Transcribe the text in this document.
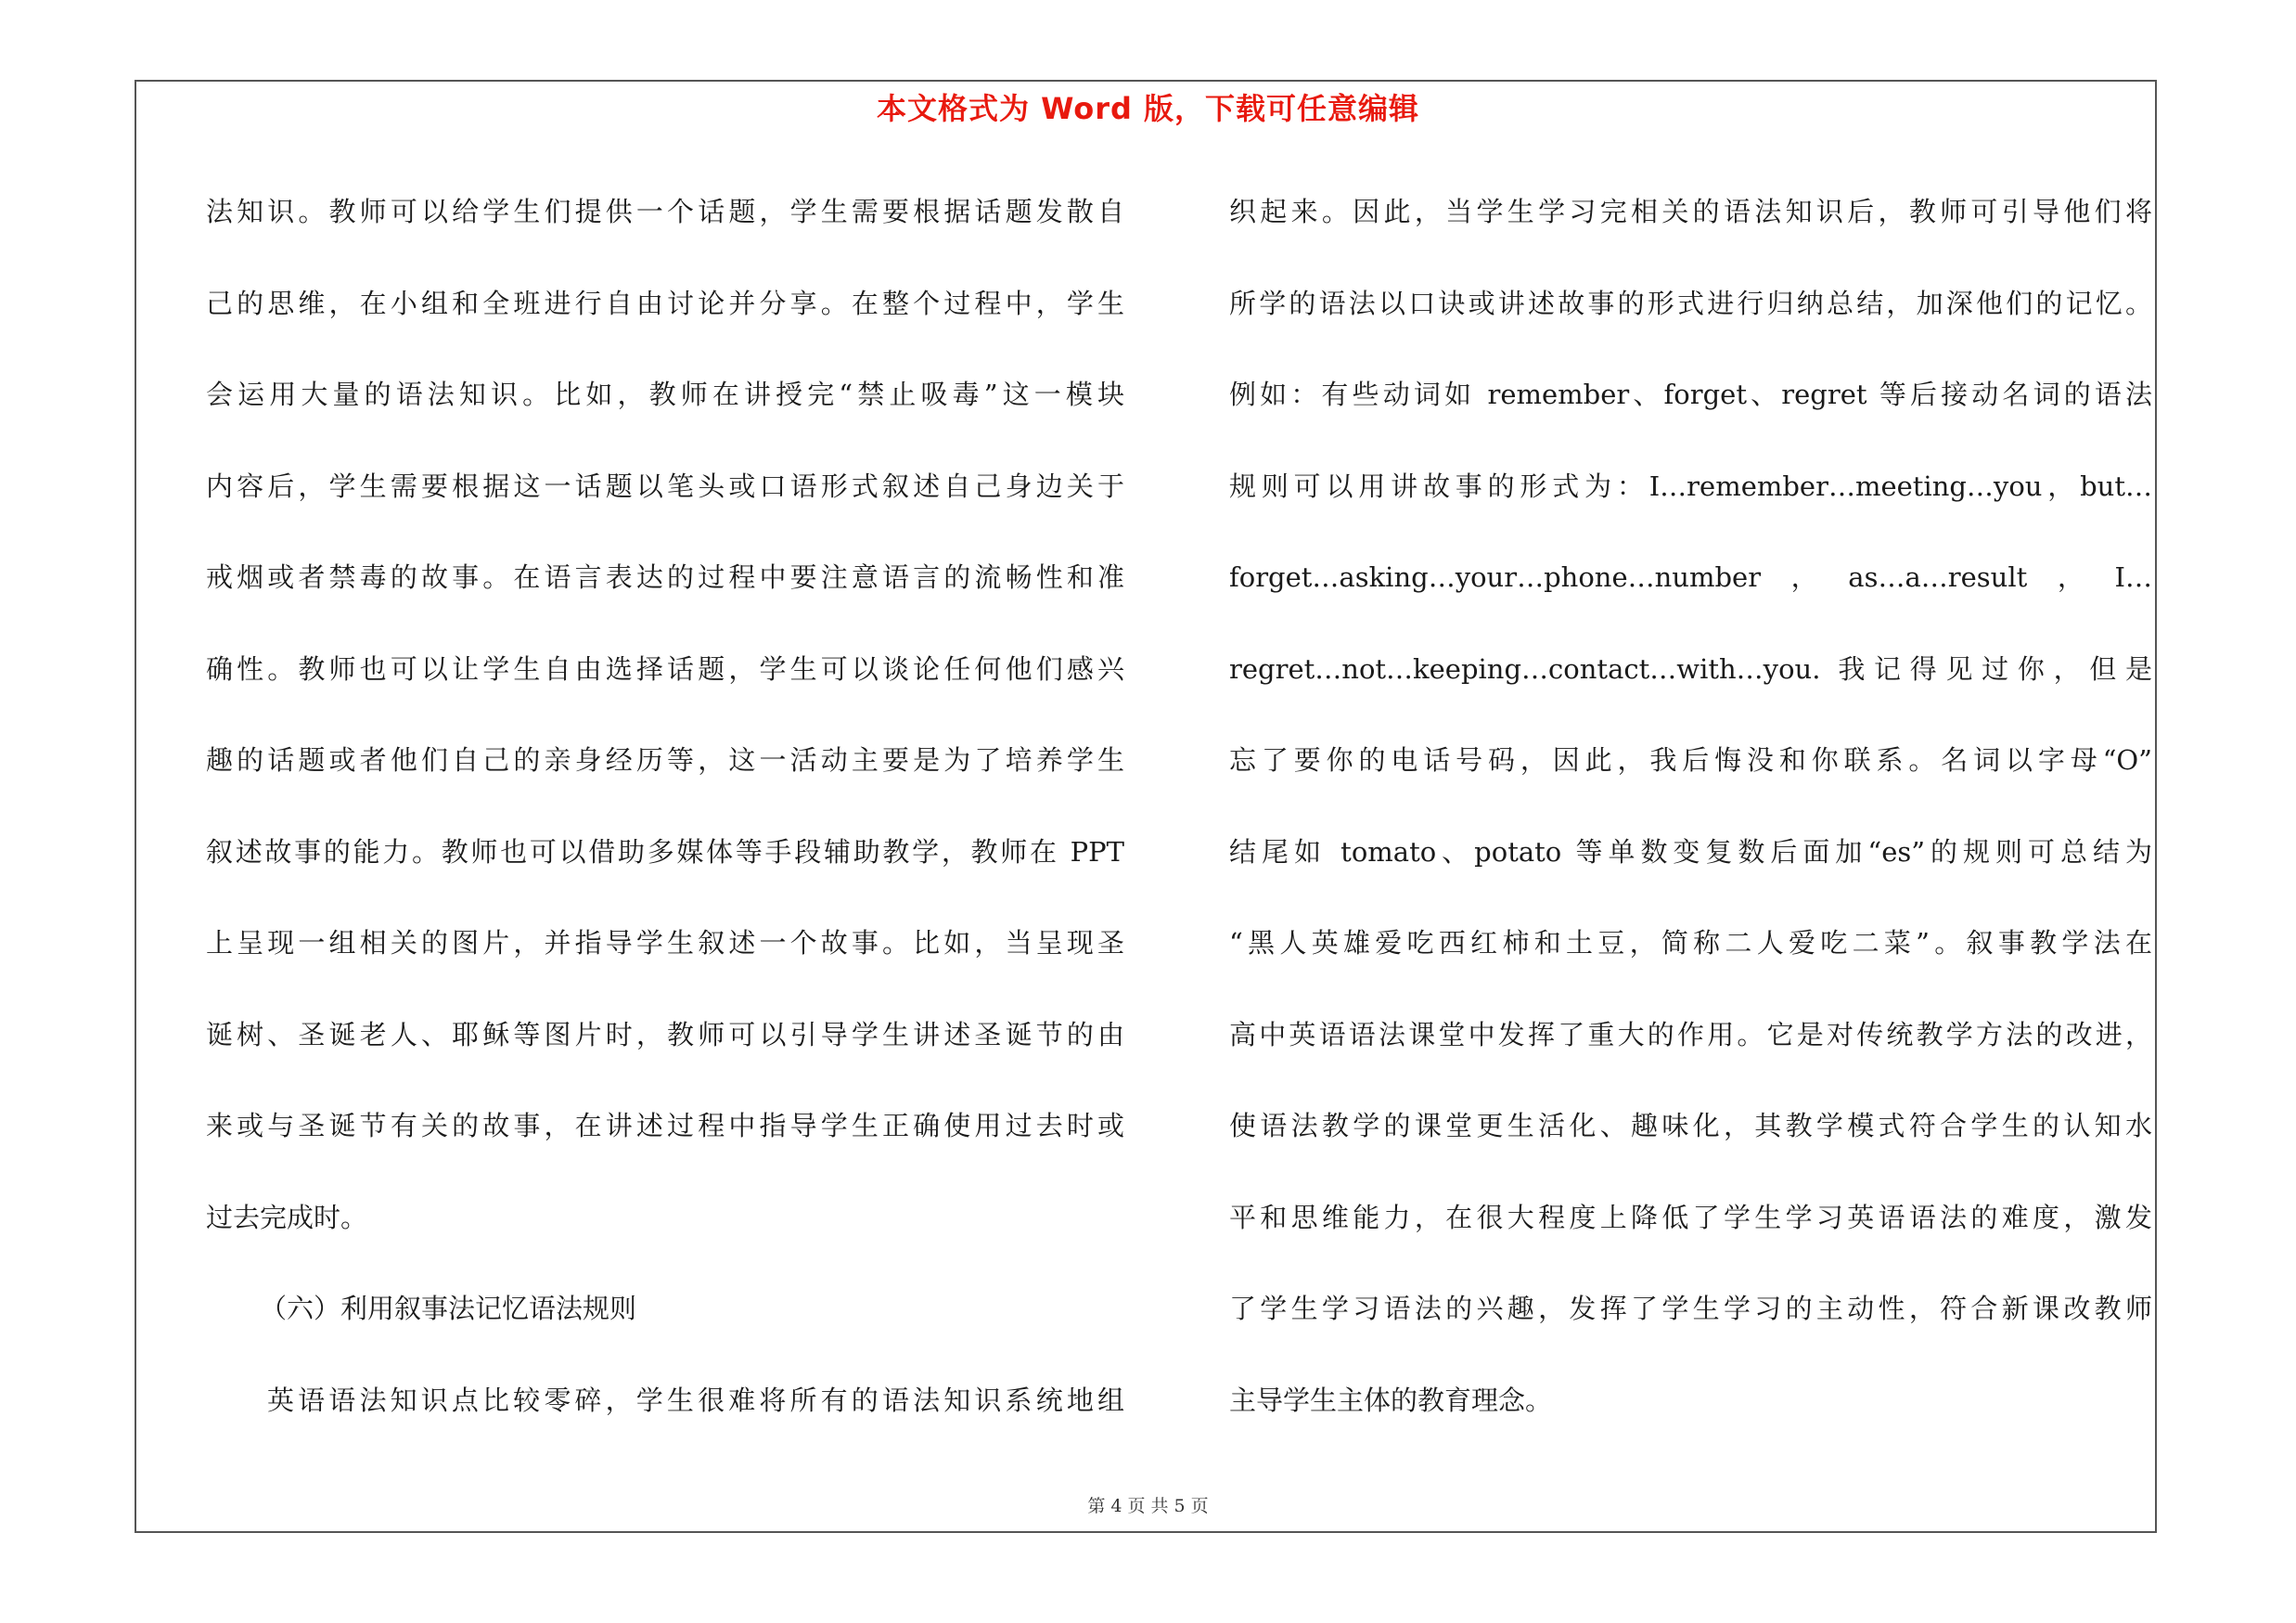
本文格式为 Word 版，下载可任意编辑
法知识。教师可以给学生们提供一个话题，学生需要根据话题发散自
己的思维，在小组和全班进行自由讨论并分享。在整个过程中，学生
会运用大量的语法知识。比如，教师在讲授完“禁止吸毒”这一模块
内容后，学生需要根据这一话题以笔头或口语形式叙述自己身边关于
戒烟或者禁毒的故事。在语言表达的过程中要注意语言的流畅性和准
确性。教师也可以让学生自由选择话题，学生可以谈论任何他们感兴
趣的话题或者他们自己的亲身经历等，这一活动主要是为了培养学生
叙述故事的能力。教师也可以借助多媒体等手段辅助教学，教师在 PPT
上呈现一组相关的图片，并指导学生叙述一个故事。比如，当呈现圣
诞树、圣诞老人、耶稣等图片时，教师可以引导学生讲述圣诞节的由
来或与圣诞节有关的故事，在讲述过程中指导学生正确使用过去时或
过去完成时。
（六）利用叙事法记忆语法规则
英语语法知识点比较零碎，学生很难将所有的语法知识系统地组
织起来。因此，当学生学习完相关的语法知识后，教师可引导他们将
所学的语法以口诀或讲述故事的形式进行归纳总结，加深他们的记忆。
例如：有些动词如 remember、forget、regret 等后接动名词的语法
规则可以用讲故事的形式为：I…remember…meeting…you，but…
forget…asking…your…phone…number，as…a…result，I…
regret…not…keeping…contact…with…you. 我记得见过你，但是
忘了要你的电话号码，因此，我后悔没和你联系。名词以字母“O”
结尾如 tomato、potato 等单数变复数后面加“es”的规则可总结为
“黑人英雄爱吃西红柿和土豆，简称二人爱吃二菜”。叙事教学法在
高中英语语法课堂中发挥了重大的作用。它是对传统教学方法的改进，
使语法教学的课堂更生活化、趣味化，其教学模式符合学生的认知水
平和思维能力，在很大程度上降低了学生学习英语语法的难度，激发
了学生学习语法的兴趣，发挥了学生学习的主动性，符合新课改教师
主导学生主体的教育理念。
第 4 页 共 5 页
